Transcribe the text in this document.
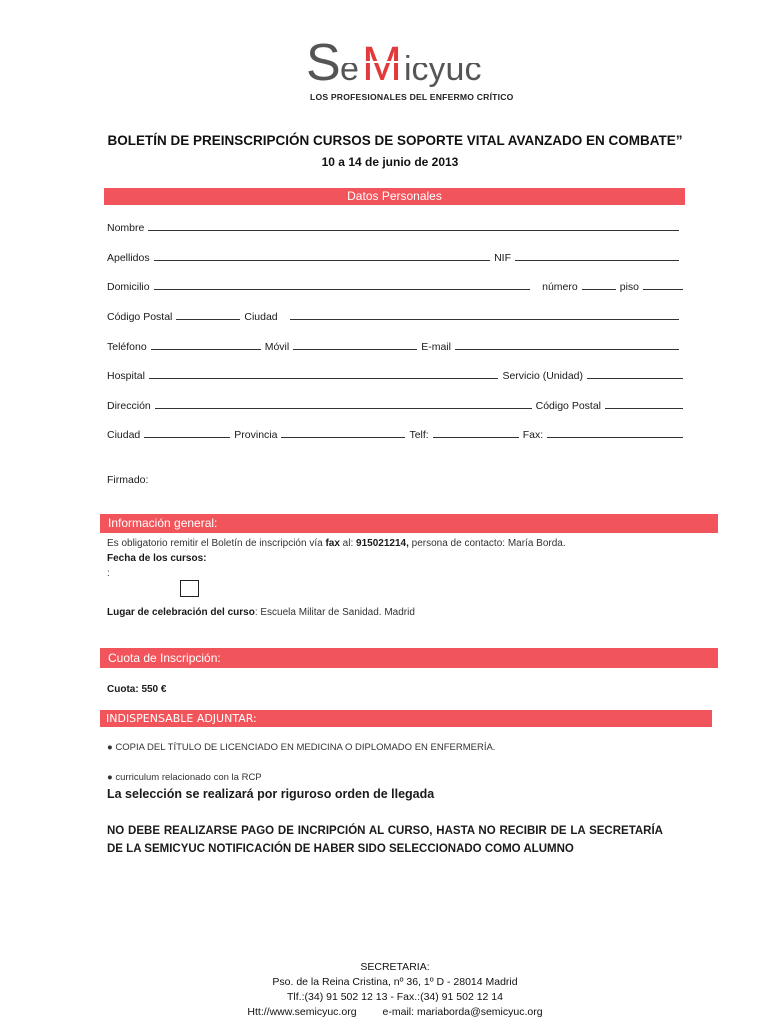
S e M icyuc
LOS PROFESIONALES DEL ENFERMO CRÍTICO
BOLETÍN DE PREINSCRIPCIÓN CURSOS DE SOPORTE VITAL AVANZADO EN COMBATE”
10 a 14 de junio de 2013
Datos Personales
Nombre
Apellidos	NIF
Domicilio	número	piso
Código Postal	Ciudad
Teléfono	Móvil	E-mail
Hospital	Servicio (Unidad)
Dirección	Código Postal
Ciudad	Provincia	Telf:	Fax:
Firmado:
Información general:
Es obligatorio remitir el Boletín de inscripción vía fax al: 915021214, persona de contacto: María Borda.
Fecha de los cursos:
:
Lugar de celebración del curso: Escuela Militar de Sanidad. Madrid
Cuota de Inscripción:
Cuota: 550 €
INDISPENSABLE ADJUNTAR:
● COPIA DEL TÍTULO DE LICENCIADO EN MEDICINA O DIPLOMADO EN ENFERMERÍA.
● curriculum relacionado con la RCP
La selección se realizará por riguroso orden de llegada
NO DEBE REALIZARSE PAGO DE INCRIPCIÓN AL CURSO, HASTA NO RECIBIR DE LA SECRETARÍA DE LA SEMICYUC NOTIFICACIÓN DE HABER SIDO SELECCIONADO COMO ALUMNO
SECRETARIA:
Pso. de la Reina Cristina, nº 36, 1º D - 28014 Madrid
Tlf.:(34) 91 502 12 13 - Fax.:(34) 91 502 12 14
Htt://www.semicyuc.org e-mail: mariaborda@semicyuc.org
